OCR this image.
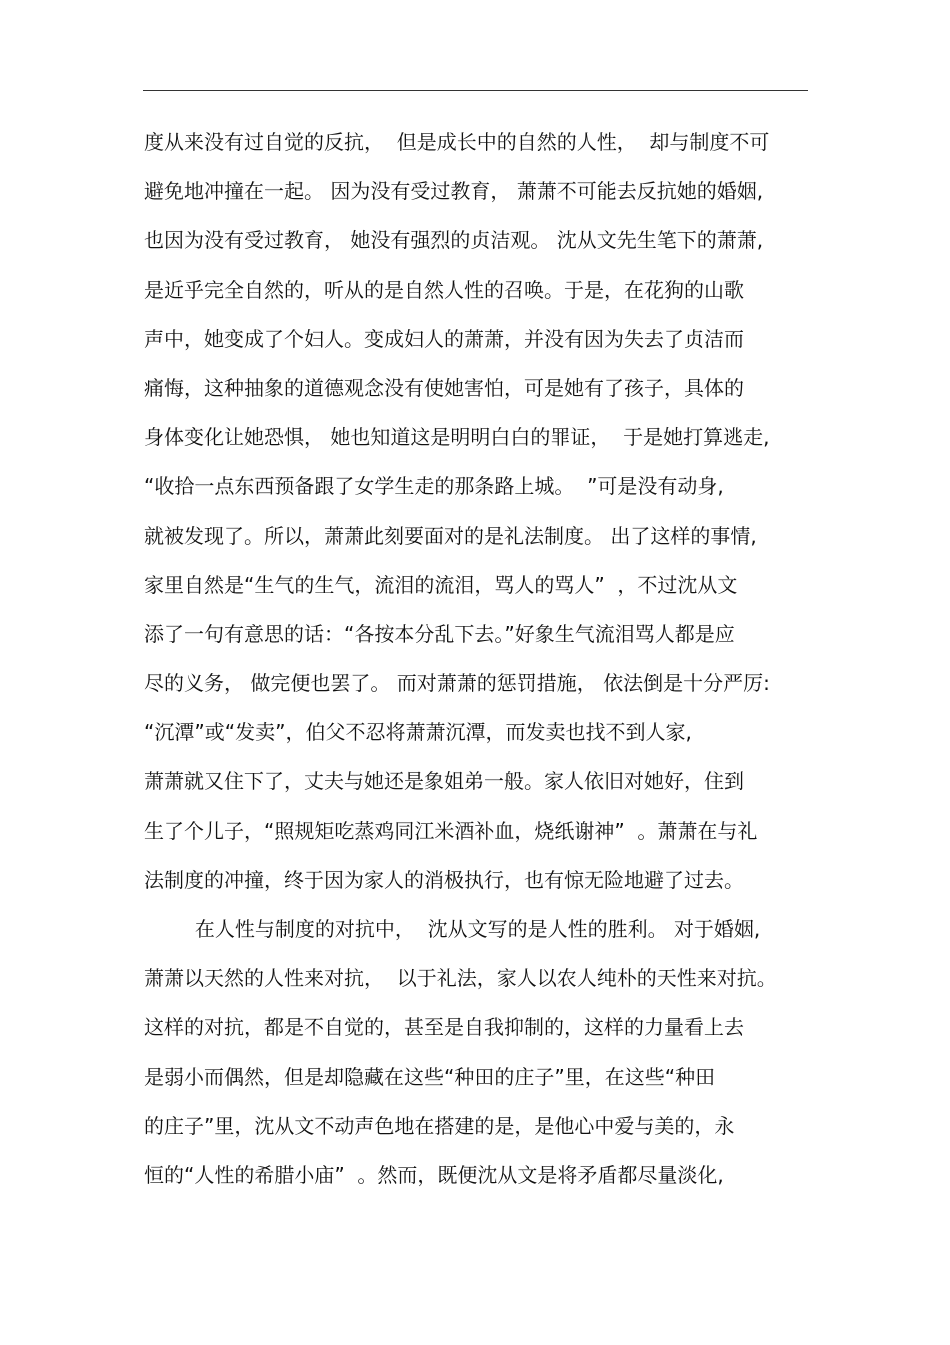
度从来没有过自觉的反抗，  但是成长中的自然的人性，  却与制度不可
避免地冲撞在一起。 因为没有受过教育， 萧萧不可能去反抗她的婚姻,
也因为没有受过教育， 她没有强烈的贞洁观。 沈从文先生笔下的萧萧,
是近乎完全自然的，听从的是自然人性的召唤。于是，在花狗的山歌
声中，她变成了个妇人。变成妇人的萧萧，并没有因为失去了贞洁而
痛悔，这种抽象的道德观念没有使她害怕，可是她有了孩子，具体的
身体变化让她恐惧， 她也知道这是明明白白的罪证，  于是她打算逃走,
“收拾一点东西预备跟了女学生走的那条路上城。  ”可是没有动身,
就被发现了。所以，萧萧此刻要面对的是礼法制度。 出了这样的事情,
家里自然是“生气的生气，流泪的流泪，骂人的骂人”  ，不过沈从文
添了一句有意思的话：“各按本分乱下去。”好象生气流泪骂人都是应
尽的义务， 做完便也罢了。 而对萧萧的惩罚措施， 依法倒是十分严厉:
“沉潭”或“发卖”，伯父不忍将萧萧沉潭，而发卖也找不到人家,
萧萧就又住下了，丈夫与她还是象姐弟一般。家人依旧对她好，住到
生了个儿子，“照规矩吃蒸鸡同江米酒补血，烧纸谢神”  。萧萧在与礼
法制度的冲撞，终于因为家人的消极执行，也有惊无险地避了过去。
在人性与制度的对抗中，  沈从文写的是人性的胜利。 对于婚姻,
萧萧以天然的人性来对抗，  以于礼法，家人以农人纯朴的天性来对抗。
这样的对抗，都是不自觉的，甚至是自我抑制的，这样的力量看上去
是弱小而偶然，但是却隐藏在这些“种田的庄子”里，在这些“种田
的庄子”里，沈从文不动声色地在搭建的是，是他心中爱与美的，永
恒的“人性的希腊小庙”  。然而，既便沈从文是将矛盾都尽量淡化,
